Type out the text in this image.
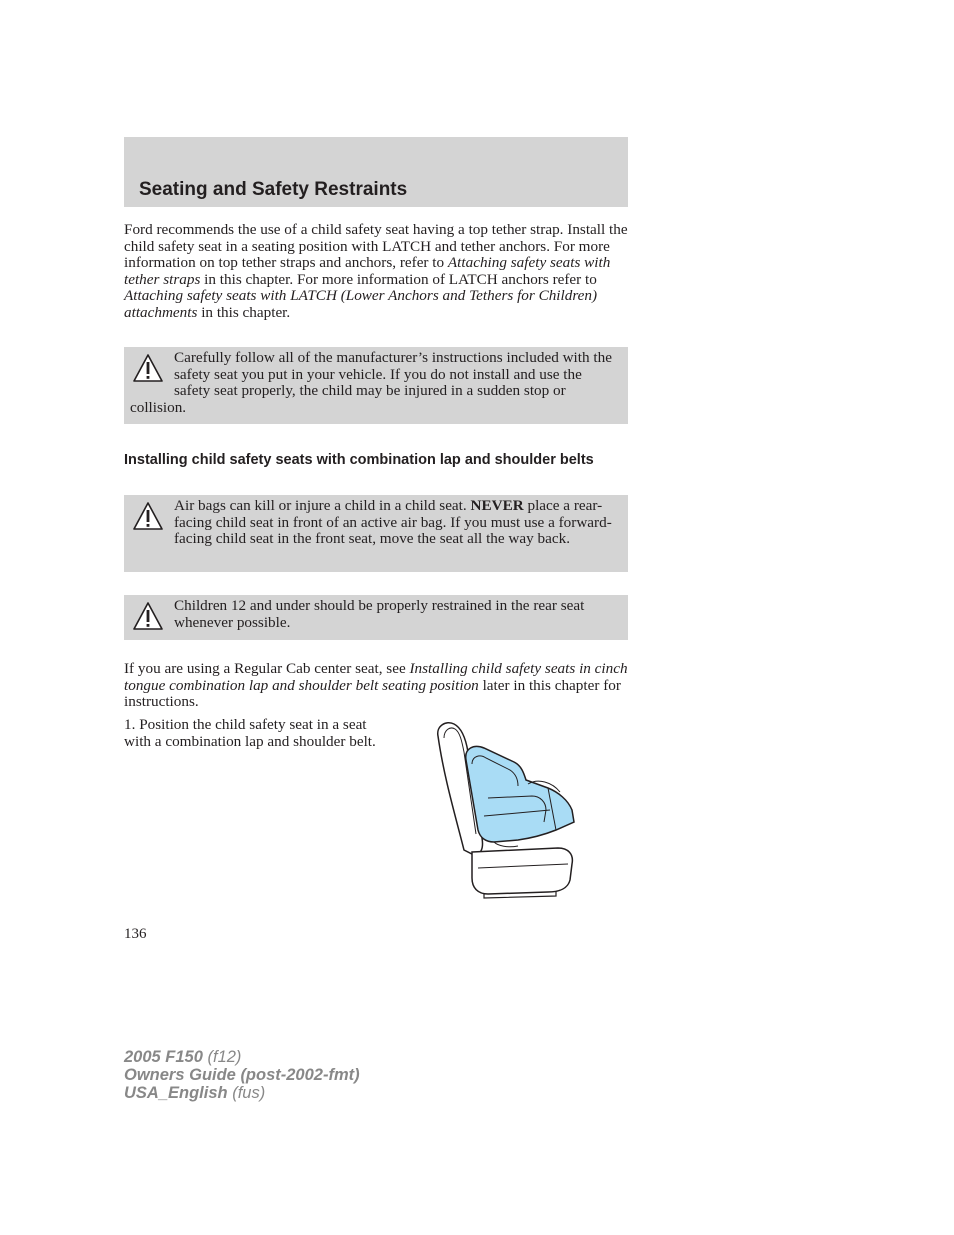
Seating and Safety Restraints

Ford recommends the use of a child safety seat having a top tether strap. Install the child safety seat in a seating position with LATCH and tether anchors. For more information on top tether straps and anchors, refer to Attaching safety seats with tether straps in this chapter. For more information of LATCH anchors refer to Attaching safety seats with LATCH (Lower Anchors and Tethers for Children) attachments in this chapter.

Carefully follow all of the manufacturer’s instructions included with the safety seat you put in your vehicle. If you do not install and use the safety seat properly, the child may be injured in a sudden stop or collision.
Installing child safety seats with combination lap and shoulder belts
Air bags can kill or injure a child in a child seat. NEVER place a rear-facing child seat in front of an active air bag. If you must use a forward-facing child seat in the front seat, move the seat all the way back.
Children 12 and under should be properly restrained in the rear seat whenever possible.

If you are using a Regular Cab center seat, see Installing child safety seats in cinch tongue combination lap and shoulder belt seating position later in this chapter for instructions.

1. Position the child safety seat in a seat with a combination lap and shoulder belt.

136

2005 F150 (f12)
Owners Guide (post-2002-fmt)
USA_English (fus)
